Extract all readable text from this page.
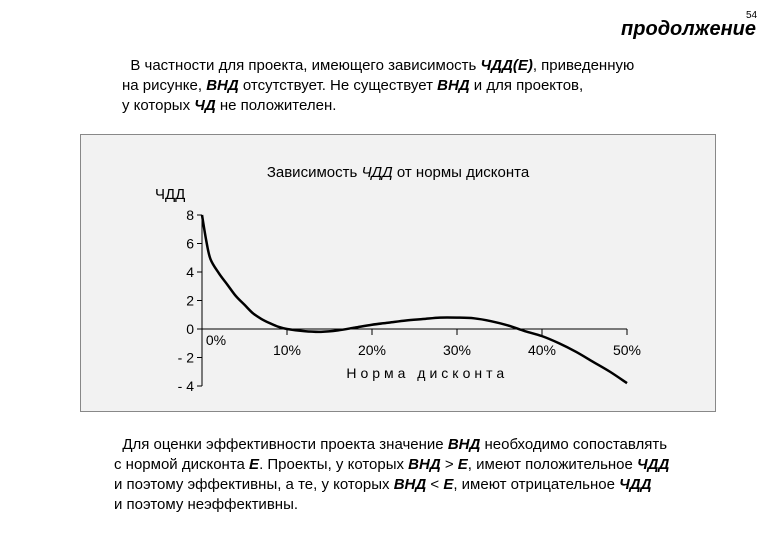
54
продолжение
В частности для проекта, имеющего зависимость ЧДД(Е), приведенную
на рисунке, ВНД отсутствует. Не существует ВНД и для проектов,
у которых ЧД не положителен.
Зависимость ЧДД от нормы дисконта
ЧДД
8
6
4
2
0
- 2
- 4
0%
10%	20%	30%	40%	50%
Норма дисконта
Для оценки эффективности проекта значение ВНД необходимо сопоставлять
с нормой дисконта Е. Проекты, у которых ВНД > Е, имеют положительное ЧДД
и поэтому эффективны, а те, у которых ВНД < Е, имеют отрицательное ЧДД
и поэтому неэффективны.
